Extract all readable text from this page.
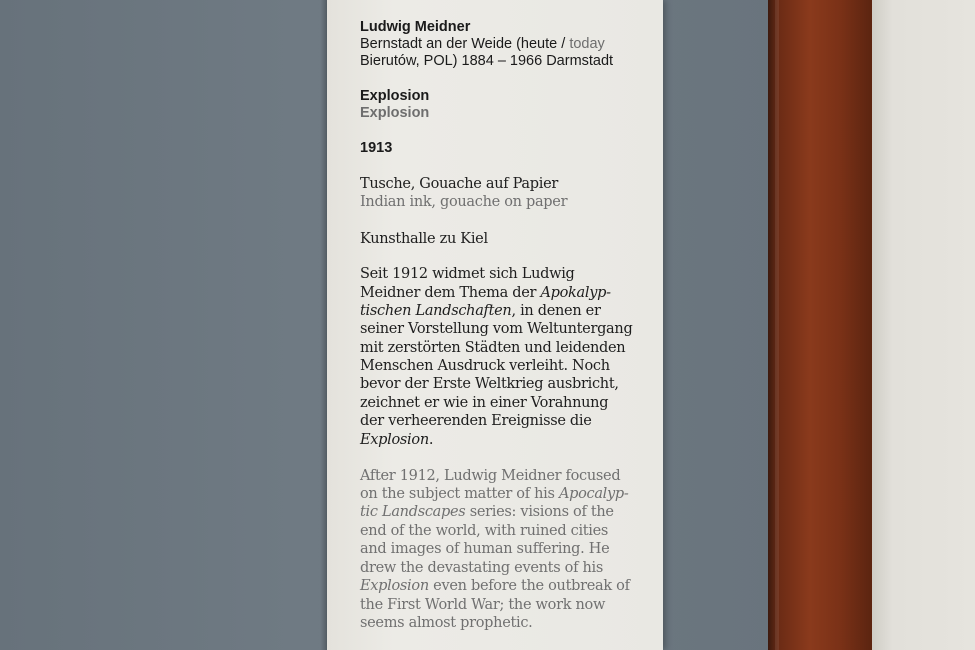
Ludwig Meidner

Bernstadt an der Weide (heute / today

Bierutów, POL) 1884 – 1966 Darmstadt

Explosion

Explosion

1913

Tusche, Gouache auf Papier

Indian ink, gouache on paper

Kunsthalle zu Kiel

Seit 1912 widmet sich Ludwig

Meidner dem Thema der Apokalyp-

tischen Landschaften, in denen er

seiner Vorstellung vom Weltuntergang

mit zerstörten Städten und leidenden

Menschen Ausdruck verleiht. Noch

bevor der Erste Weltkrieg ausbricht,

zeichnet er wie in einer Vorahnung

der verheerenden Ereignisse die

Explosion.

After 1912, Ludwig Meidner focused

on the subject matter of his Apocalyp-

tic Landscapes series: visions of the

end of the world, with ruined cities

and images of human suffering. He

drew the devastating events of his

Explosion even before the outbreak of

the First World War; the work now

seems almost prophetic.
